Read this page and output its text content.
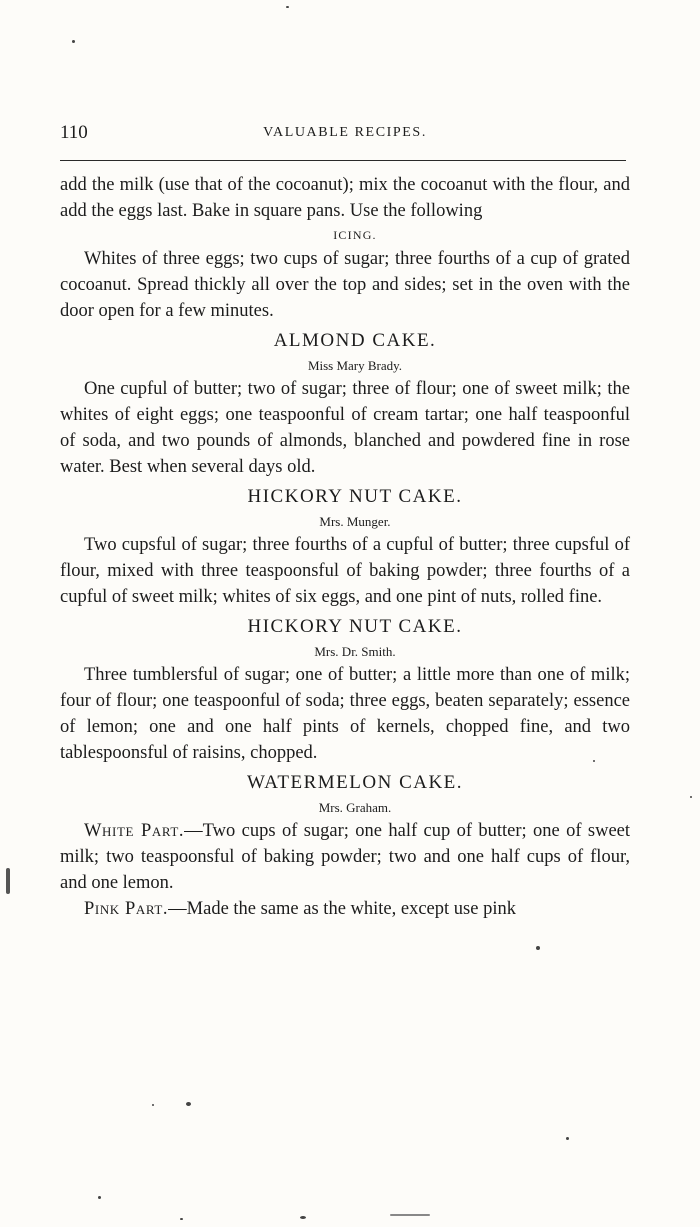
110	VALUABLE RECIPES.

add the milk (use that of the cocoanut); mix the cocoanut with the flour, and add the eggs last. Bake in square pans. Use the following

ICING.

Whites of three eggs; two cups of sugar; three fourths of a cup of grated cocoanut. Spread thickly all over the top and sides; set in the oven with the door open for a few minutes.

ALMOND CAKE.
Miss Mary Brady.

One cupful of butter; two of sugar; three of flour; one of sweet milk; the whites of eight eggs; one teaspoonful of cream tartar; one half teaspoonful of soda, and two pounds of almonds, blanched and powdered fine in rose water. Best when several days old.

HICKORY NUT CAKE.
Mrs. Munger.

Two cupsful of sugar; three fourths of a cupful of butter; three cupsful of flour, mixed with three teaspoonsful of baking powder; three fourths of a cupful of sweet milk; whites of six eggs, and one pint of nuts, rolled fine.

HICKORY NUT CAKE.
Mrs. Dr. Smith.

Three tumblersful of sugar; one of butter; a little more than one of milk; four of flour; one teaspoonful of soda; three eggs, beaten separately; essence of lemon; one and one half pints of kernels, chopped fine, and two tablespoonsful of raisins, chopped.

WATERMELON CAKE.
Mrs. Graham.

White Part.—Two cups of sugar; one half cup of butter; one of sweet milk; two teaspoonsful of baking powder; two and one half cups of flour, and one lemon.

Pink Part.—Made the same as the white, except use pink
